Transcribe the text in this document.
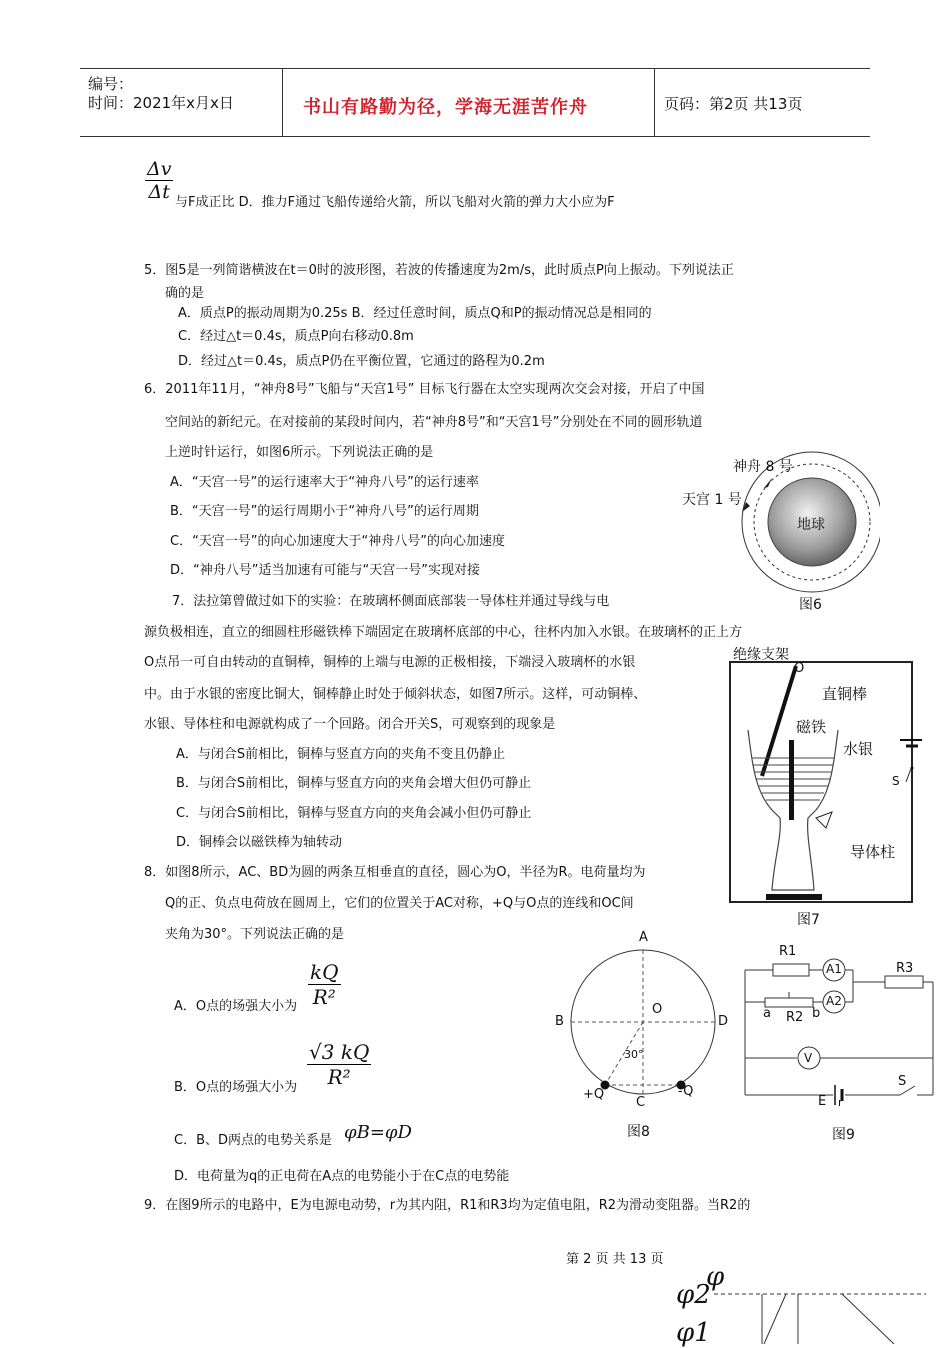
编号：
时间：2021年x月x日	书山有路勤为径，学海无涯苦作舟	页码：第2页 共13页
$\frac{\Delta v}{\Delta t}$ 与F成正比 D．推力F通过飞船传递给火箭，所以飞船对火箭的弹力大小应为F
5．图5是一列简谐横波在t＝0时的波形图，若波的传播速度为2m/s，此时质点P向上振动。下列说法正
确的是
A．质点P的振动周期为0.25s B．经过任意时间，质点Q和P的振动情况总是相同的
C．经过△t＝0.4s，质点P向右移动0.8m
D．经过△t＝0.4s，质点P仍在平衡位置，它通过的路程为0.2m
6．2011年11月，“神舟8号”飞船与“天宫1号” 目标飞行器在太空实现两次交会对接，开启了中国
空间站的新纪元。在对接前的某段时间内，若“神舟8号”和“天宫1号”分别处在不同的圆形轨道
上逆时针运行，如图6所示。下列说法正确的是
A．“天宫一号”的运行速率大于“神舟八号”的运行速率
B．“天宫一号”的运行周期小于“神舟八号”的运行周期
C．“天宫一号”的向心加速度大于“神舟八号”的向心加速度
D．“神舟八号”适当加速有可能与“天宫一号”实现对接
神舟 8 号
天宫 1 号
地球
图6
7．法拉第曾做过如下的实验：在玻璃杯侧面底部装一导体柱并通过导线与电
源负极相连，直立的细圆柱形磁铁棒下端固定在玻璃杯底部的中心，往杯内加入水银。在玻璃杯的正上方
O点吊一可自由转动的直铜棒，铜棒的上端与电源的正极相接，下端浸入玻璃杯的水银
中。由于水银的密度比铜大，铜棒静止时处于倾斜状态，如图7所示。这样，可动铜棒、
水银、导体柱和电源就构成了一个回路。闭合开关S，可观察到的现象是
A．与闭合S前相比，铜棒与竖直方向的夹角不变且仍静止
B．与闭合S前相比，铜棒与竖直方向的夹角会增大但仍可静止
C．与闭合S前相比，铜棒与竖直方向的夹角会减小但仍可静止
D．铜棒会以磁铁棒为轴转动
绝缘支架
O
直铜棒
磁铁
水银
S
导体柱
图7
8．如图8所示，AC、BD为圆的两条互相垂直的直径，圆心为O，半径为R。电荷量均为
Q的正、负点电荷放在圆周上，它们的位置关于AC对称，+Q与O点的连线和OC间
夹角为30°。下列说法正确的是
A．O点的场强大小为 $\frac{kQ}{\text{R²}}$
B．O点的场强大小为 $\frac{√3 kQ}{\text{R²}}$
C．B、D两点的电势关系是 φB=φD
D．电荷量为q的正电荷在A点的电势能小于在C点的电势能
A
B
O
D
30°
+Q
C
-Q
图8
R1
A1	R3
A2
a R2 b
V
S
E r
图9
9．在图9所示的电路中，E为电源电动势，r为其内阻，R1和R3均为定值电阻，R2为滑动变阻器。当R2的
第 2 页 共 13 页
φ2
φ
φ1
